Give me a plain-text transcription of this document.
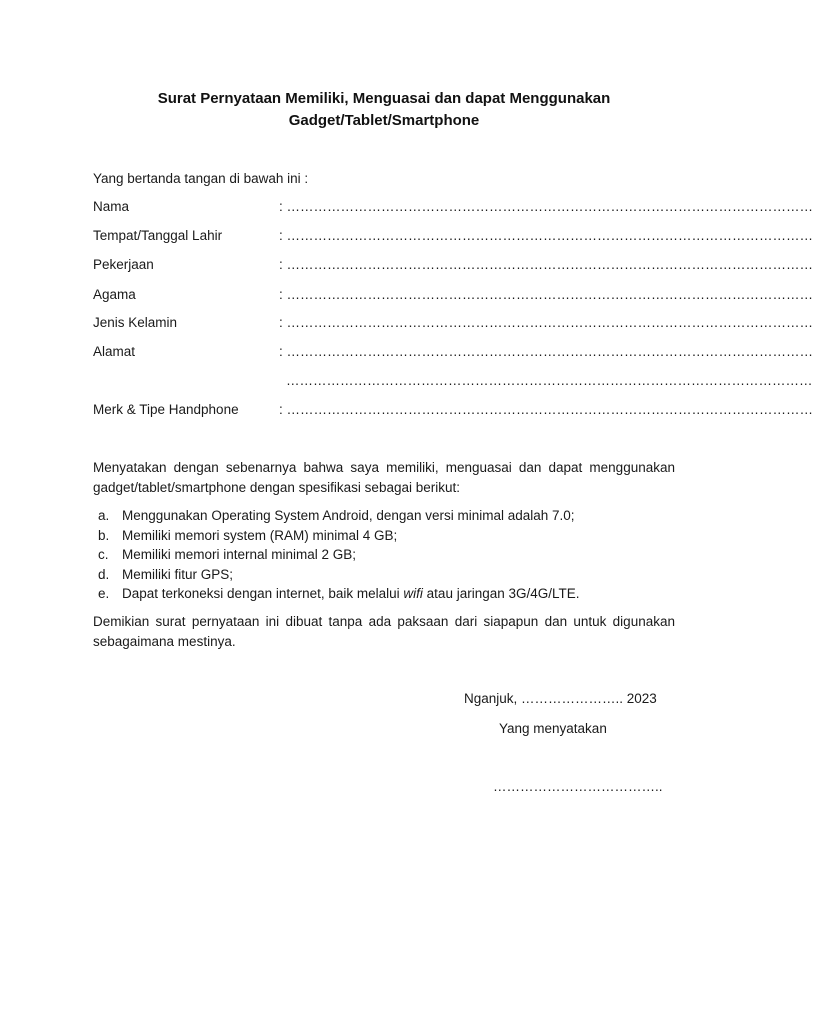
Surat Pernyataan Memiliki, Menguasai dan dapat Menggunakan
Gadget/Tablet/Smartphone
Yang bertanda tangan di bawah ini :
Nama	: ………………………………………………………………………………………………………
Tempat/Tanggal Lahir	: ………………………………………………………………………………………………………
Pekerjaan	: ………………………………………………………………………………………………………
Agama	: ………………………………………………………………………………………………………
Jenis Kelamin	: ………………………………………………………………………………………………………
Alamat	: ………………………………………………………………………………………………………
………………………………………………………………………………………………………
Merk & Tipe Handphone	: ………………………………………………………………………………………………………
Menyatakan dengan sebenarnya bahwa saya memiliki, menguasai dan dapat menggunakan gadget/tablet/smartphone dengan spesifikasi sebagai berikut:
a. Menggunakan Operating System Android, dengan versi minimal adalah 7.0;
b. Memiliki memori system (RAM) minimal 4 GB;
c. Memiliki memori internal minimal 2 GB;
d. Memiliki fitur GPS;
e. Dapat terkoneksi dengan internet, baik melalui wifi atau jaringan 3G/4G/LTE.
Demikian surat pernyataan ini dibuat tanpa ada paksaan dari siapapun dan untuk digunakan sebagaimana mestinya.
Nganjuk, ………………….. 2023
Yang menyatakan
………………………………..
